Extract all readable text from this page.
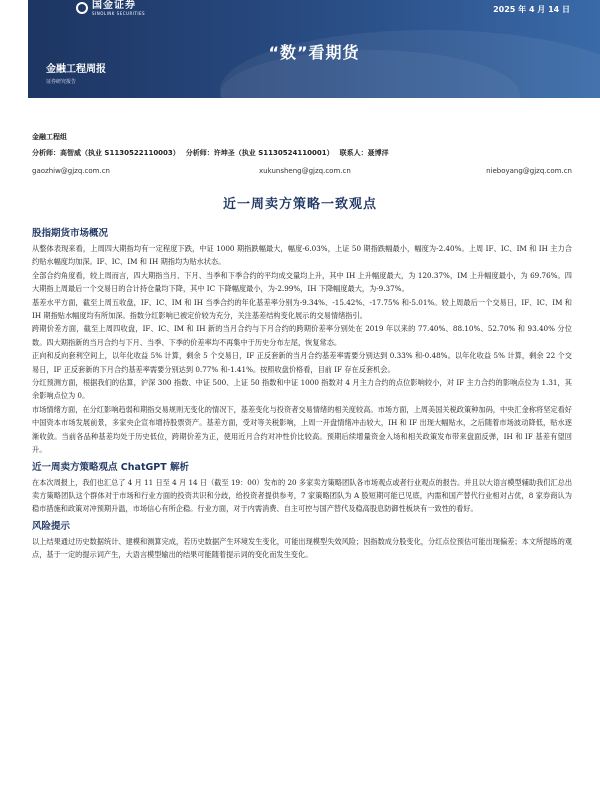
国金证券
SINOLINK SECURITIES	2025 年 4 月 14 日
“数”看期货
金融工程周报
证券研究报告
金融工程组
分析师：高智威（执业 S1130522110003） 分析师：许坤圣（执业 S1130524110001） 联系人：聂博洋
gaozhiw@gjzq.com.cn	xukunsheng@gjzq.com.cn	nieboyang@gjzq.com.cn
近一周卖方策略一致观点
股指期货市场概况

从整体表现来看，上周四大期指均有一定程度下跌，中证 1000 期指跌幅最大，幅度-6.03%，上证 50 期指跌幅最小，幅度为-2.40%。上周 IF、IC、IM 和 IH 主力合约贴水幅度均加深。IF、IC、IM 和 IH 期指均为贴水状态。

全部合约角度看，较上周而言，四大期指当月、下月、当季和下季合约的平均成交量均上升，其中 IH 上升幅度最大，为 120.37%，IM 上升幅度最小，为 69.76%。四大期指上周最后一个交易日的合计持仓量均下降，其中 IC 下降幅度最小，为-2.99%，IH 下降幅度最大，为-9.37%。

基差水平方面，截至上周五收盘，IF、IC、IM 和 IH 当季合约的年化基差率分别为-9.34%、-15.42%、-17.75% 和-5.01%。较上周最后一个交易日，IF、IC、IM 和 IH 期指贴水幅度均有所加深。指数分红影响已被定价较为充分，关注基差结构变化展示的交易情绪指引。

跨期价差方面，截至上周四收盘，IF、IC、IM 和 IH 新的当月合约与下月合约的跨期价差率分别处在 2019 年以来的 77.40%、88.10%、52.70% 和 93.40% 分位数。四大期指新的当月合约与下月、当季、下季的价差率均不再集中于历史分布左尾，恢复常态。

正向和反向套利空间上，以年化收益 5% 计算，剩余 5 个交易日，IF 正反套新的当月合约基差率需要分别达到 0.33% 和-0.48%。以年化收益 5% 计算，剩余 22 个交易日，IF 正反套新的下月合约基差率需要分别达到 0.77% 和-1.41%。按照收盘价格看，目前 IF 存在反套机会。

分红预测方面，根据我们的估算，沪深 300 指数、中证 500、上证 50 指数和中证 1000 指数对 4 月主力合约的点位影响较小，对 IF 主力合约的影响点位为 1.31，其余影响点位为 0。

市场情绪方面，在分红影响趋弱和期指交易规则无变化的情况下，基差变化与投资者交易情绪的相关度较高。市场方面，上周美国关税政策种加码，中央汇金称将坚定看好中国资本市场发展前景，多家央企宣布增持股票资产。基差方面，受对等关税影响，上周一开盘情绪冲击较大，IH 和 IF 出现大幅贴水，之后随着市场波动降低，贴水逐渐收敛。当前各品种基差均处于历史低位，跨期价差为正，使用近月合约对冲性价比较高。预期后续增量资金入场和相关政策发布带来盘面反弹，IH 和 IF 基差有望回升。

近一周卖方策略观点 ChatGPT 解析

在本次周报上，我们也汇总了 4 月 11 日至 4 月 14 日（截至 19：00）发布的 20 多家卖方策略团队各市场观点或者行业观点的报告。并且以大语言模型辅助我们汇总出卖方策略团队这个群体对于市场和行业方面的投资共识和分歧，给投资者提供参考，7 家策略团队为 A 股短期可能已见底，内需和国产替代行业相对占优，8 家券商认为稳市措施和政策对冲预期升温，市场信心有所企稳。行业方面，对于内需消费、自主可控与国产替代及稳高股息防御性板块有一致性的看好。

风险提示

以上结果通过历史数据统计、建模和测算完成，若历史数据产生环境发生变化，可能出现模型失效风险；因指数成分股变化，分红点位预估可能出现偏差；本文所提练的观点，基于一定的提示词产生，大语言模型输出的结果可能随着提示词的变化而发生变化。
